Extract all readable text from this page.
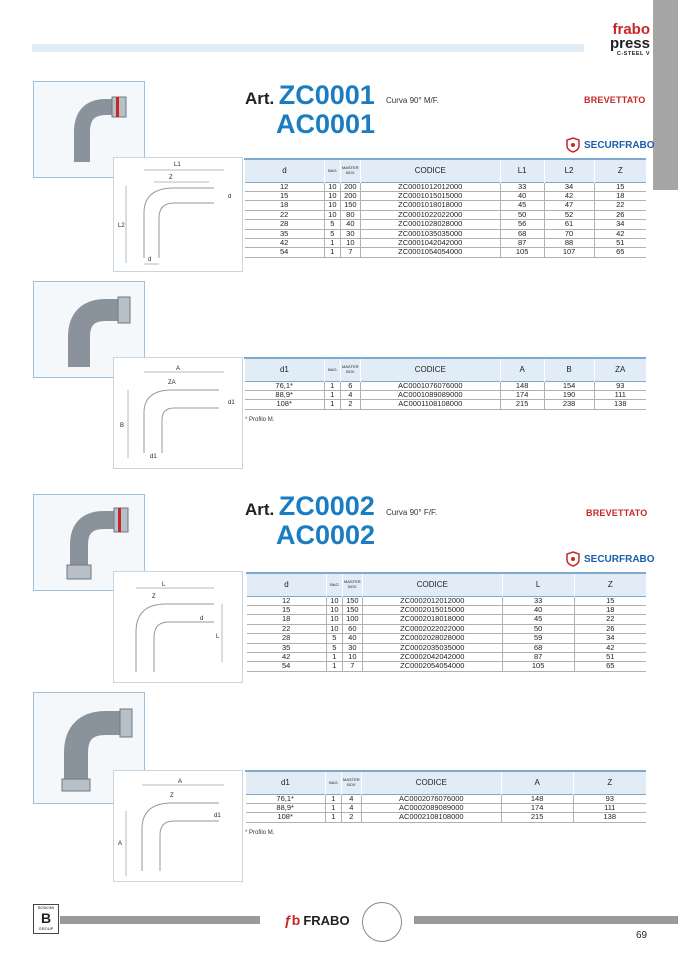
frabo
press
C-STEEL V
L1
Z
L2
d
d
Art. ZC0001
AC0001
Curva 90° M/F.	BREVETTATO
SECURFRABO
d	BAG	MASTER BOX	CODICE	L1	L2	Z
12	10	200	ZC0001012012000	33	34	15
15	10	200	ZC0001015015000	40	42	18
18	10	150	ZC0001018018000	45	47	22
22	10	80	ZC0001022022000	50	52	26
28	5	40	ZC0001028028000	56	61	34
35	5	30	ZC0001035035000	68	70	42
42	1	10	ZC0001042042000	87	88	51
54	1	7	ZC0001054054000	105	107	65
A
ZA
B
d1
d1
d1	BAG	MASTER BOX	CODICE	A	B	ZA
76,1*	1	6	AC0001076076000	148	154	93
88,9*	1	4	AC0001089089000	174	190	111
108*	1	2	AC0001108108000	215	238	138
* Profilo M.
L
Z
d
L
Art. ZC0002
AC0002
Curva 90° F/F.	BREVETTATO
SECURFRABO
d	BAG	MASTER BOX	CODICE	L	Z
12	10	150	ZC0002012012000	33	15
15	10	150	ZC0002015015000	40	18
18	10	100	ZC0002018018000	45	22
22	10	60	ZC0002022022000	50	26
28	5	40	ZC0002028028000	59	34
35	5	30	ZC0002035035000	68	42
42	1	10	ZC0002042042000	87	51
54	1	7	ZC0002054054000	105	65
A
Z
d1
A
d1	BAG	MASTER BOX	CODICE	A	Z
76,1*	1	4	AC0002076076000	148	93
88,9*	1	4	AC0002089089000	174	111
108*	1	2	AC0002108108000	215	138
* Profilo M.
BONOMI
B
GROUP
ƒb FRABO
69
